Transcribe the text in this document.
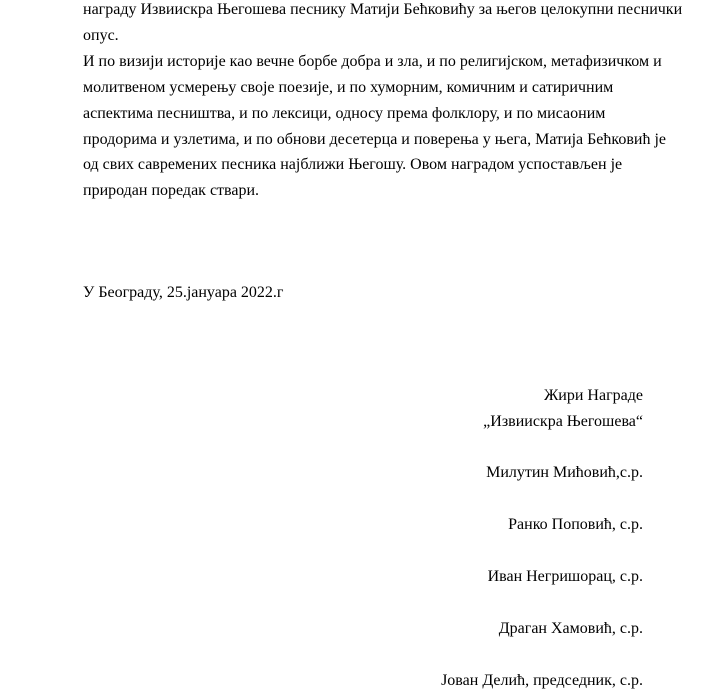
награду Извиискра Његошева песнику Матији Бећковићу за његов целокупни песнички
опус.
И по визији историје као вечне борбе добра и зла, и по религијском, метафизичком и
молитвеном усмерењу своје поезије, и по хуморним, комичним и сатиричним
аспектима песништва, и по лексици, односу према фолклору, и по мисаоним
продорима и узлетима, и по обнови десетерца и поверења у њега, Матија Бећковић је
од свих савремених песника најближи Његошу. Овом наградом успостављен је
природан поредак ствари.

У Београду, 25.јануара 2022.г

Жири Награде
„Извиискра Његошева“
Милутин Мићовић,с.р.
Ранко Поповић, с.р.
Иван Негришорац, с.р.
Драган Хамовић, с.р.
Јован Делић, председник, с.р.
